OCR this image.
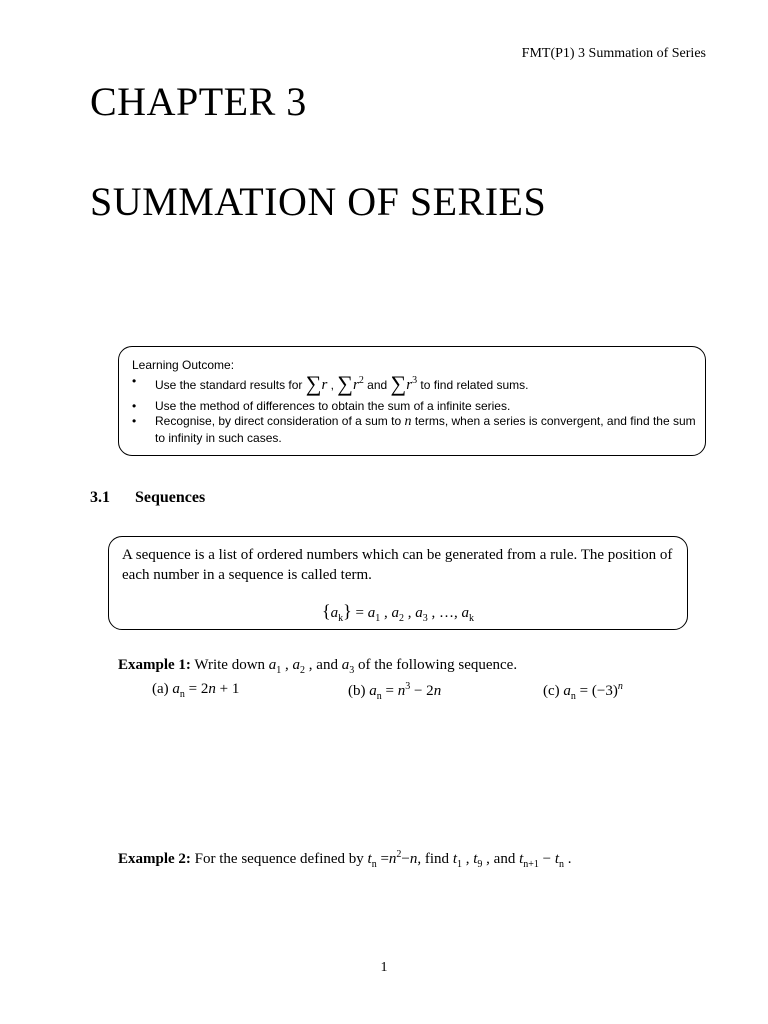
FMT(P1) 3 Summation of Series
CHAPTER 3
SUMMATION OF SERIES
Learning Outcome:
• Use the standard results for ∑r , $\sum r^2$ and $\sum r^3$ to find related sums.
• Use the method of differences to obtain the sum of a infinite series.
• Recognise, by direct consideration of a sum to n terms, when a series is convergent, and find the sum to infinity in such cases.
3.1 Sequences
A sequence is a list of ordered numbers which can be generated from a rule. The position of each number in a sequence is called term.
$\{a_k\} = a_1$ , $a_2$ , $a_3$ , …, $a_k$
Example 1: Write down $a_1$ , $a_2$ , and $a_3$ of the following sequence.
(a) $a_n = 2n + 1$	(b) $a_n = n^3 - 2n$	(c) $a_n = (-3)^n$
Example 2: For the sequence defined by $t_n =n^2-n$, find $t_1$ , $t_9$ , and $t_{n+1} - t_n$ .
1
